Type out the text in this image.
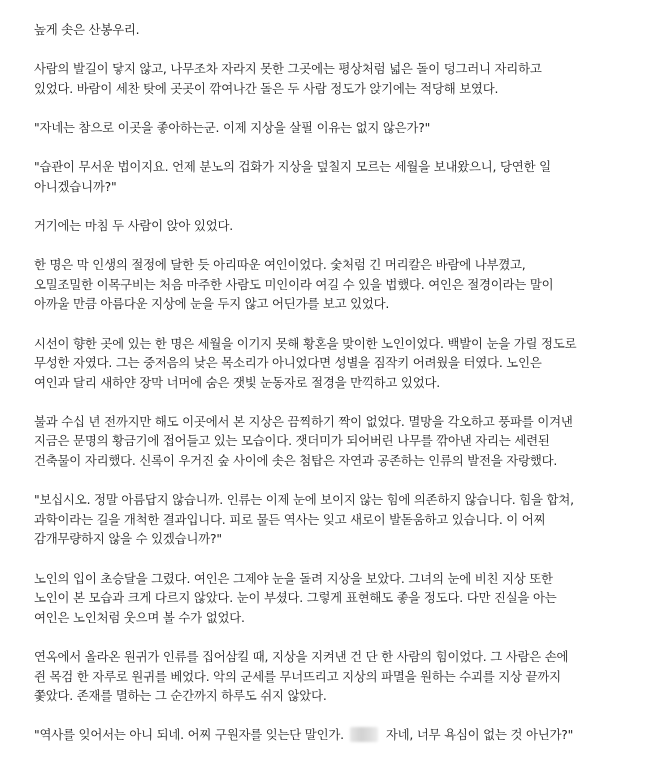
높게 솟은 산봉우리.
사람의 발길이 닿지 않고, 나무조차 자라지 못한 그곳에는 평상처럼 넓은 돌이 덩그러니 자리하고
있었다. 바람이 세찬 탓에 곳곳이 깎여나간 돌은 두 사람 정도가 앉기에는 적당해 보였다.
"자네는 참으로 이곳을 좋아하는군. 이제 지상을 살필 이유는 없지 않은가?"
"습관이 무서운 법이지요. 언제 분노의 겁화가 지상을 덮칠지 모르는 세월을 보내왔으니, 당연한 일
아니겠습니까?"
거기에는 마침 두 사람이 앉아 있었다.
한 명은 막 인생의 절정에 달한 듯 아리따운 여인이었다. 숯처럼 긴 머리칼은 바람에 나부꼈고,
오밀조밀한 이목구비는 처음 마주한 사람도 미인이라 여길 수 있을 법했다. 여인은 절경이라는 말이
아까울 만큼 아름다운 지상에 눈을 두지 않고 어딘가를 보고 있었다.
시선이 향한 곳에 있는 한 명은 세월을 이기지 못해 황혼을 맞이한 노인이었다. 백발이 눈을 가릴 정도로
무성한 자였다. 그는 중저음의 낮은 목소리가 아니었다면 성별을 짐작키 어려웠을 터였다. 노인은
여인과 달리 새하얀 장막 너머에 숨은 잿빛 눈동자로 절경을 만끽하고 있었다.
불과 수십 년 전까지만 해도 이곳에서 본 지상은 끔찍하기 짝이 없었다. 멸망을 각오하고 풍파를 이겨낸
지금은 문명의 황금기에 접어들고 있는 모습이다. 잿더미가 되어버린 나무를 깎아낸 자리는 세련된
건축물이 자리했다. 신록이 우거진 숲 사이에 솟은 첨탑은 자연과 공존하는 인류의 발전을 자랑했다.
"보십시오. 정말 아름답지 않습니까. 인류는 이제 눈에 보이지 않는 힘에 의존하지 않습니다. 힘을 합쳐,
과학이라는 길을 개척한 결과입니다. 피로 물든 역사는 잊고 새로이 발돋움하고 있습니다. 이 어찌
감개무량하지 않을 수 있겠습니까?"
노인의 입이 초승달을 그렸다. 여인은 그제야 눈을 돌려 지상을 보았다. 그녀의 눈에 비친 지상 또한
노인이 본 모습과 크게 다르지 않았다. 눈이 부셨다. 그렇게 표현해도 좋을 정도다. 다만 진실을 아는
여인은 노인처럼 웃으며 볼 수가 없었다.
연옥에서 올라온 원귀가 인류를 집어삼킬 때, 지상을 지켜낸 건 단 한 사람의 힘이었다. 그 사람은 손에
쥔 목검 한 자루로 원귀를 베었다. 악의 군세를 무너뜨리고 지상의 파멸을 원하는 수괴를 지상 끝까지
쫓았다. 존재를 멸하는 그 순간까지 하루도 쉬지 않았다.
"역사를 잊어서는 아니 되네. 어찌 구원자를 잊는단 말인가.	자네, 너무 욕심이 없는 것 아닌가?"
